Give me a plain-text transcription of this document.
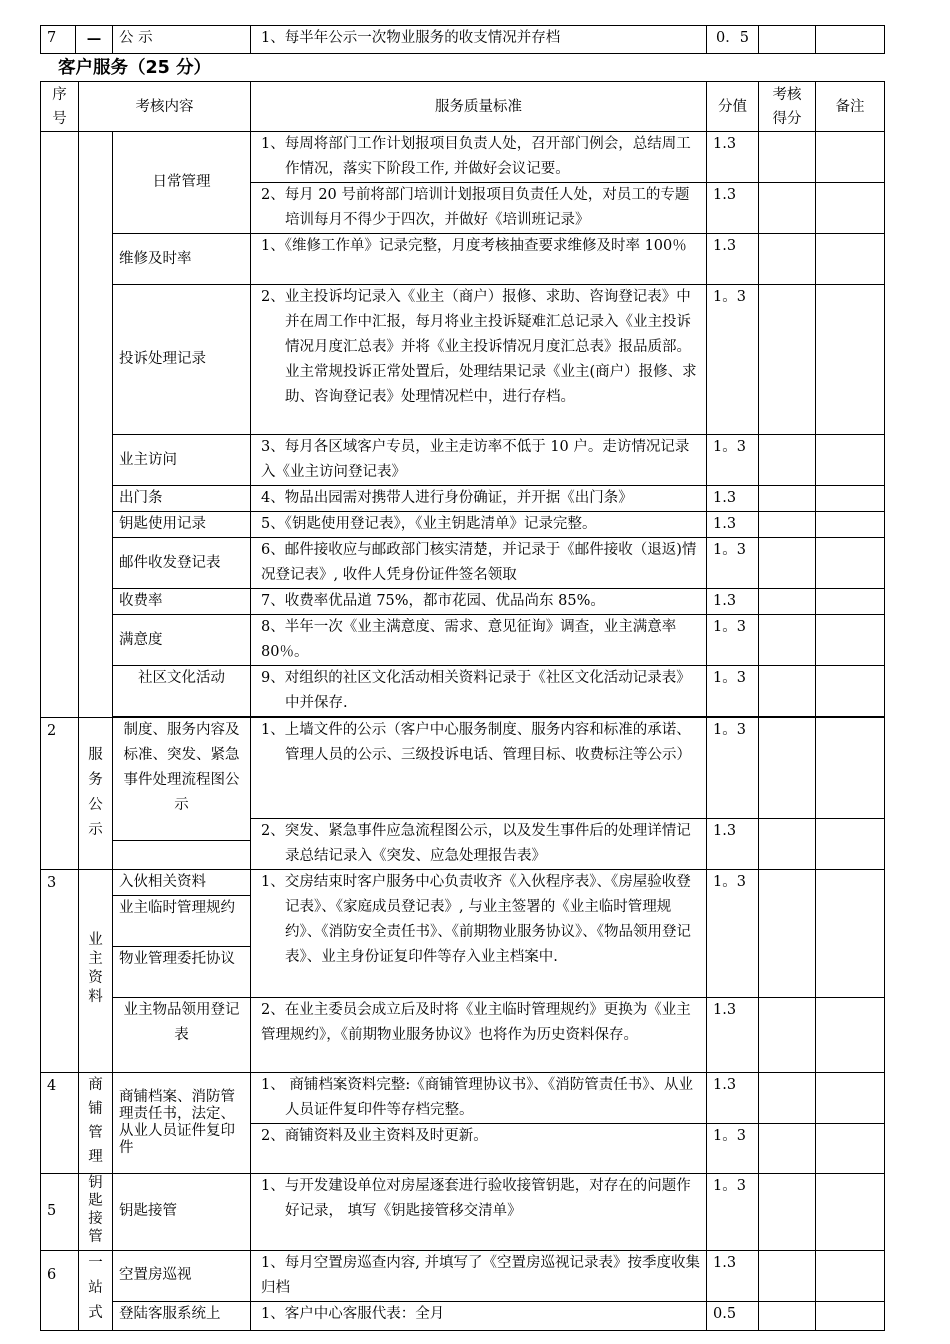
7	—	公 示	1、每半年公示一次物业服务的收支情况并存档	0．5		
客户服务（25 分）
序号	考核内容		服务质量标准	分值	考核得分	备注
		日常管理	1、每周将部门工作计划报项目负责人处，召开部门例会，总结周工作情况，落实下阶段工作, 并做好会议记要。	1.3		
			2、每月 20 号前将部门培训计划报项目负责任人处，对员工的专题培训每月不得少于四次，并做好《培训班记录》	1.3		
		维修及时率	1、《维修工作单》记录完整，月度考核抽查要求维修及时率 100％	1.3		
		投诉处理记录	2、业主投诉均记录入《业主（商户）报修、求助、咨询登记表》中并在周工作中汇报，每月将业主投诉疑难汇总记录入《业主投诉情况月度汇总表》并将《业主投诉情况月度汇总表》报品质部。业主常规投诉正常处置后，处理结果记录《业主(商户）报修、求助、咨询登记表》处理情况栏中，进行存档。	1。3		
		业主访问	3、每月各区域客户专员，业主走访率不低于 10 户。走访情况记录入《业主访问登记表》	1。3		
		出门条	4、物品出园需对携带人进行身份确证，并开据《出门条》	1.3		
		钥匙使用记录	5、《钥匙使用登记表》，《业主钥匙清单》记录完整。	1.3		
		邮件收发登记表	6、邮件接收应与邮政部门核实清楚，并记录于《邮件接收（退返)情况登记表》, 收件人凭身份证件签名领取	1。3		
		收费率	7、收费率优品道 75%，都市花园、优品尚东 85%。	1.3		
		满意度	8、半年一次《业主满意度、需求、意见征询》调查，业主满意率 80％。	1。3		
		社区文化活动	9、对组织的社区文化活动相关资料记录于《社区文化活动记录表》中并保存.	1。3		

2	服务公示	制度、服务内容及标准、突发、紧急事件处理流程图公示	1、上墙文件的公示（客户中心服务制度、服务内容和标准的承诺、管理人员的公示、三级投诉电话、管理目标、收费标注等公示）	1。3		
			2、突发、紧急事件应急流程图公示，以及发生事件后的处理详情记录总结记录入《突发、应急处理报告表》	1.3		
3	业主资料	入伙相关资料	1、交房结束时客户服务中心负责收齐《入伙程序表》、《房屋验收登记表》、《家庭成员登记表》, 与业主签署的《业主临时管理规约》、《消防安全责任书》、《前期物业服务协议》、《物品领用登记表》、业主身份证复印件等存入业主档案中.	1。3		
		业主临时管理规约				
		物业管理委托协议				
		业主物品领用登记表	2、在业主委员会成立后及时将《业主临时管理规约》更换为《业主管理规约》，《前期物业服务协议》也将作为历史资料保存。	1.3		
4	商铺管理	商铺档案、消防管理责任书，法定、从业人员证件复印件	1、 商铺档案资料完整:《商铺管理协议书》、《消防管责任书》、从业人员证件复印件等存档完整。	1.3		
			2、商铺资料及业主资料及时更新。	1。3		
5	钥匙接管	钥匙接管	1、与开发建设单位对房屋逐套进行验收接管钥匙，对存在的问题作好记录， 填写《钥匙接管移交清单》	1。3		
6	一站式	空置房巡视	1、每月空置房巡查内容, 并填写了《空置房巡视记录表》按季度收集归档	1.3		
		登陆客服系统上	1、客户中心客服代表：全月	0.5		
